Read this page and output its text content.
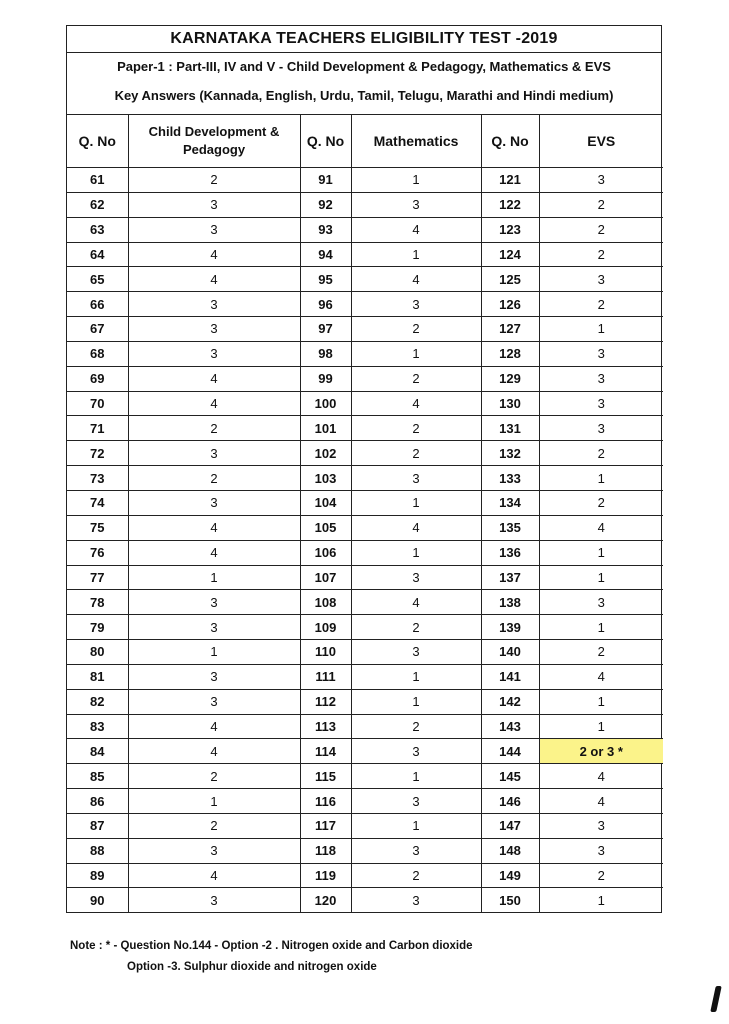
KARNATAKA TEACHERS ELIGIBILITY TEST -2019
Paper-1 : Part-III, IV and V - Child Development & Pedagogy, Mathematics & EVS
Key Answers (Kannada, English, Urdu, Tamil, Telugu, Marathi and Hindi medium)
Q. No	Child Development & Pedagogy	Q. No	Mathematics	Q. No	EVS
61	2	91	1	121	3
62	3	92	3	122	2
63	3	93	4	123	2
64	4	94	1	124	2
65	4	95	4	125	3
66	3	96	3	126	2
67	3	97	2	127	1
68	3	98	1	128	3
69	4	99	2	129	3
70	4	100	4	130	3
71	2	101	2	131	3
72	3	102	2	132	2
73	2	103	3	133	1
74	3	104	1	134	2
75	4	105	4	135	4
76	4	106	1	136	1
77	1	107	3	137	1
78	3	108	4	138	3
79	3	109	2	139	1
80	1	110	3	140	2
81	3	111	1	141	4
82	3	112	1	142	1
83	4	113	2	143	1
84	4	114	3	144	2 or 3 *
85	2	115	1	145	4
86	1	116	3	146	4
87	2	117	1	147	3
88	3	118	3	148	3
89	4	119	2	149	2
90	3	120	3	150	1
Note : * - Question No.144 - Option -2 . Nitrogen oxide and Carbon dioxide
Option -3. Sulphur dioxide and nitrogen oxide
